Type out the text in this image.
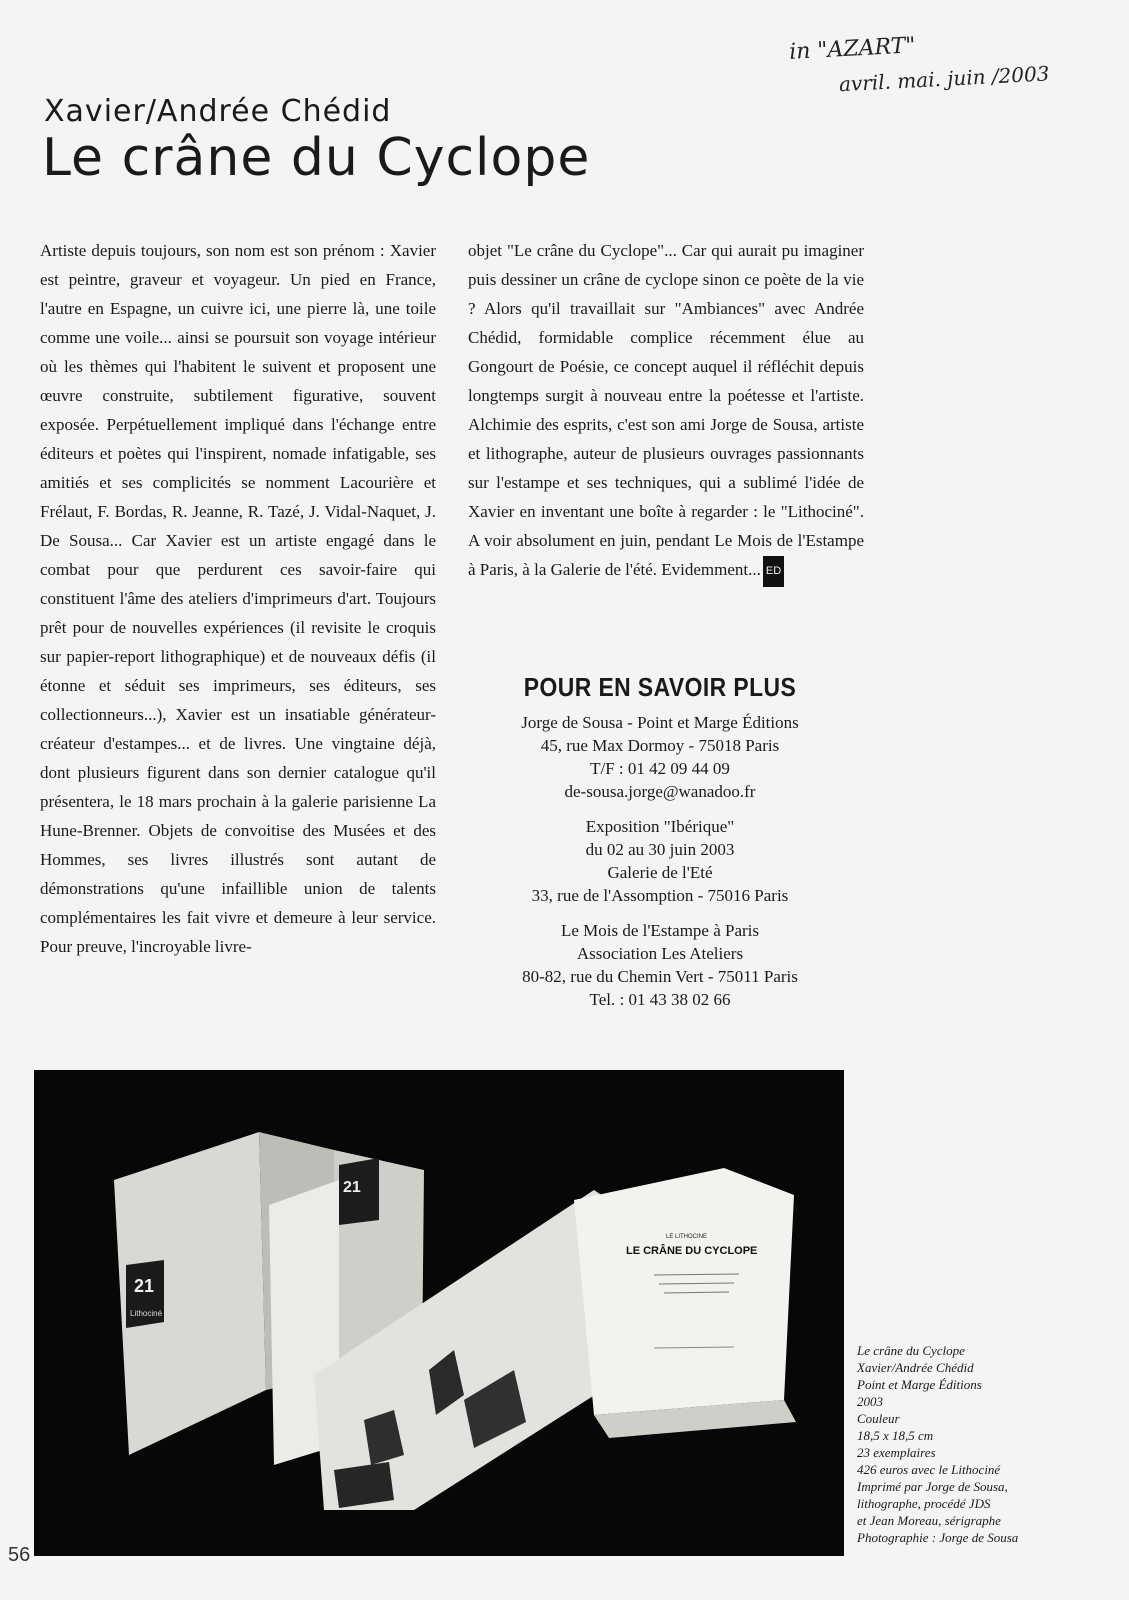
in "AZART"
avril. mai. juin /2003
Xavier/Andrée Chédid
Le crâne du Cyclope

Artiste depuis toujours, son nom est son prénom : Xavier est peintre, graveur et voyageur. Un pied en France, l'autre en Espagne, un cuivre ici, une pierre là, une toile comme une voile... ainsi se poursuit son voyage intérieur où les thèmes qui l'habitent le suivent et proposent une œuvre construite, subtilement figurative, souvent exposée. Perpétuellement impliqué dans l'échange entre éditeurs et poètes qui l'inspirent, nomade infatigable, ses amitiés et ses complicités se nomment Lacourière et Frélaut, F. Bordas, R. Jeanne, R. Tazé, J. Vidal-Naquet, J. De Sousa... Car Xavier est un artiste engagé dans le combat pour que perdurent ces savoir-faire qui constituent l'âme des ateliers d'imprimeurs d'art. Toujours prêt pour de nouvelles expériences (il revisite le croquis sur papier-report lithographique) et de nouveaux défis (il étonne et séduit ses imprimeurs, ses éditeurs, ses collectionneurs...), Xavier est un insatiable générateur-créateur d'estampes... et de livres. Une vingtaine déjà, dont plusieurs figurent dans son dernier catalogue qu'il présentera, le 18 mars prochain à la galerie parisienne La Hune-Brenner. Objets de convoitise des Musées et des Hommes, ses livres illustrés sont autant de démonstrations qu'une infaillible union de talents complémentaires les fait vivre et demeure à leur service. Pour preuve, l'incroyable livre-

objet "Le crâne du Cyclope"... Car qui aurait pu imaginer puis dessiner un crâne de cyclope sinon ce poète de la vie ? Alors qu'il travaillait sur "Ambiances" avec Andrée Chédid, formidable complice récemment élue au Gongourt de Poésie, ce concept auquel il réfléchit depuis longtemps surgit à nouveau entre la poétesse et l'artiste. Alchimie des esprits, c'est son ami Jorge de Sousa, artiste et lithographe, auteur de plusieurs ouvrages passionnants sur l'estampe et ses techniques, qui a sublimé l'idée de Xavier en inventant une boîte à regarder : le "Lithociné". A voir absolument en juin, pendant Le Mois de l'Estampe à Paris, à la Galerie de l'été. Evidemment... ED

POUR EN SAVOIR PLUS
Jorge de Sousa - Point et Marge Éditions
45, rue Max Dormoy - 75018 Paris
T/F : 01 42 09 44 09
de-sousa.jorge@wanadoo.fr
Exposition "Ibérique"
du 02 au 30 juin 2003
Galerie de l'Eté
33, rue de l'Assomption - 75016 Paris
Le Mois de l'Estampe à Paris
Association Les Ateliers
80-82, rue du Chemin Vert - 75011 Paris
Tel. : 01 43 38 02 66
21
Lithociné
21
LE LITHOCINE
LE CRÂNE DU CYCLOPE
Le crâne du Cyclope
Xavier/Andrée Chédid
Point et Marge Éditions
2003
Couleur
18,5 x 18,5 cm
23 exemplaires
426 euros avec le Lithociné
Imprimé par Jorge de Sousa,
lithographe, procédé JDS
et Jean Moreau, sérigraphe
Photographie : Jorge de Sousa
56
